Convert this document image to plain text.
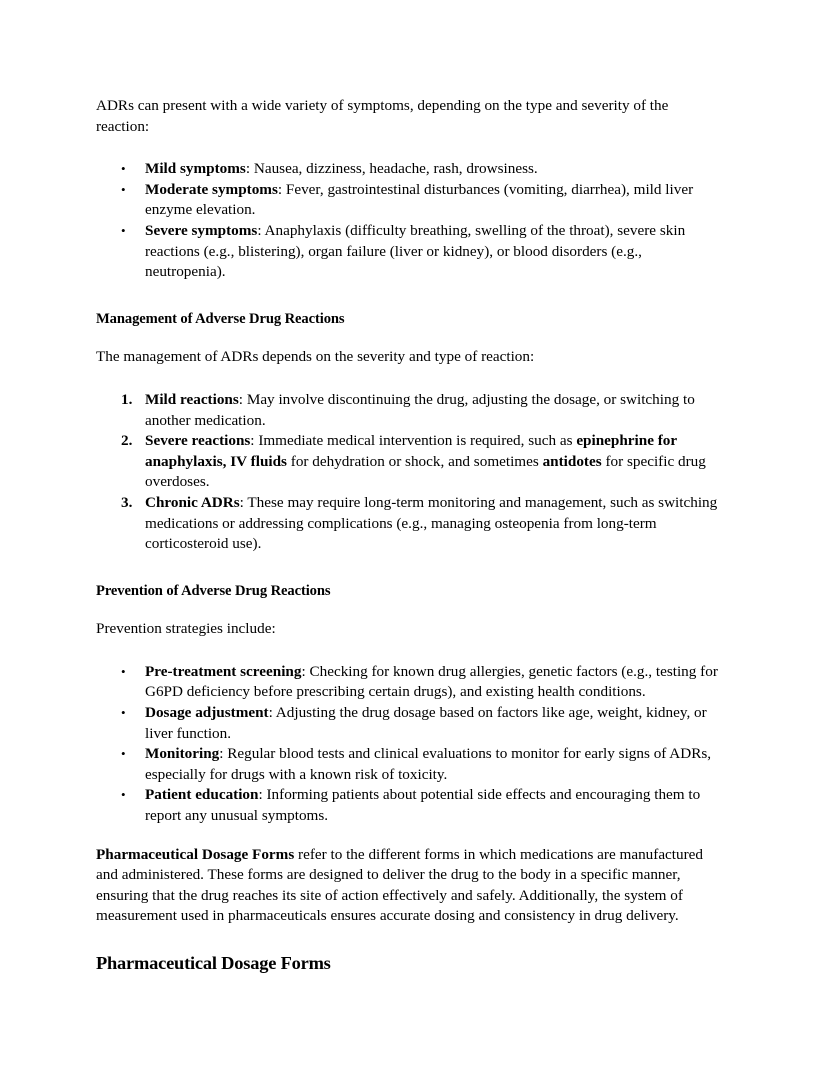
ADRs can present with a wide variety of symptoms, depending on the type and severity of the reaction:

•	Mild symptoms: Nausea, dizziness, headache, rash, drowsiness.
•	Moderate symptoms: Fever, gastrointestinal disturbances (vomiting, diarrhea), mild liver enzyme elevation.
•	Severe symptoms: Anaphylaxis (difficulty breathing, swelling of the throat), severe skin reactions (e.g., blistering), organ failure (liver or kidney), or blood disorders (e.g., neutropenia).
Management of Adverse Drug Reactions

The management of ADRs depends on the severity and type of reaction:

1. Mild reactions: May involve discontinuing the drug, adjusting the dosage, or switching to another medication.
2. Severe reactions: Immediate medical intervention is required, such as epinephrine for anaphylaxis, IV fluids for dehydration or shock, and sometimes antidotes for specific drug overdoses.
3. Chronic ADRs: These may require long-term monitoring and management, such as switching medications or addressing complications (e.g., managing osteopenia from long-term corticosteroid use).
Prevention of Adverse Drug Reactions

Prevention strategies include:

•	Pre-treatment screening: Checking for known drug allergies, genetic factors (e.g., testing for G6PD deficiency before prescribing certain drugs), and existing health conditions.
•	Dosage adjustment: Adjusting the drug dosage based on factors like age, weight, kidney, or liver function.
•	Monitoring: Regular blood tests and clinical evaluations to monitor for early signs of ADRs, especially for drugs with a known risk of toxicity.
•	Patient education: Informing patients about potential side effects and encouraging them to report any unusual symptoms.

Pharmaceutical Dosage Forms refer to the different forms in which medications are manufactured and administered. These forms are designed to deliver the drug to the body in a specific manner, ensuring that the drug reaches its site of action effectively and safely. Additionally, the system of measurement used in pharmaceuticals ensures accurate dosing and consistency in drug delivery.

Pharmaceutical Dosage Forms
